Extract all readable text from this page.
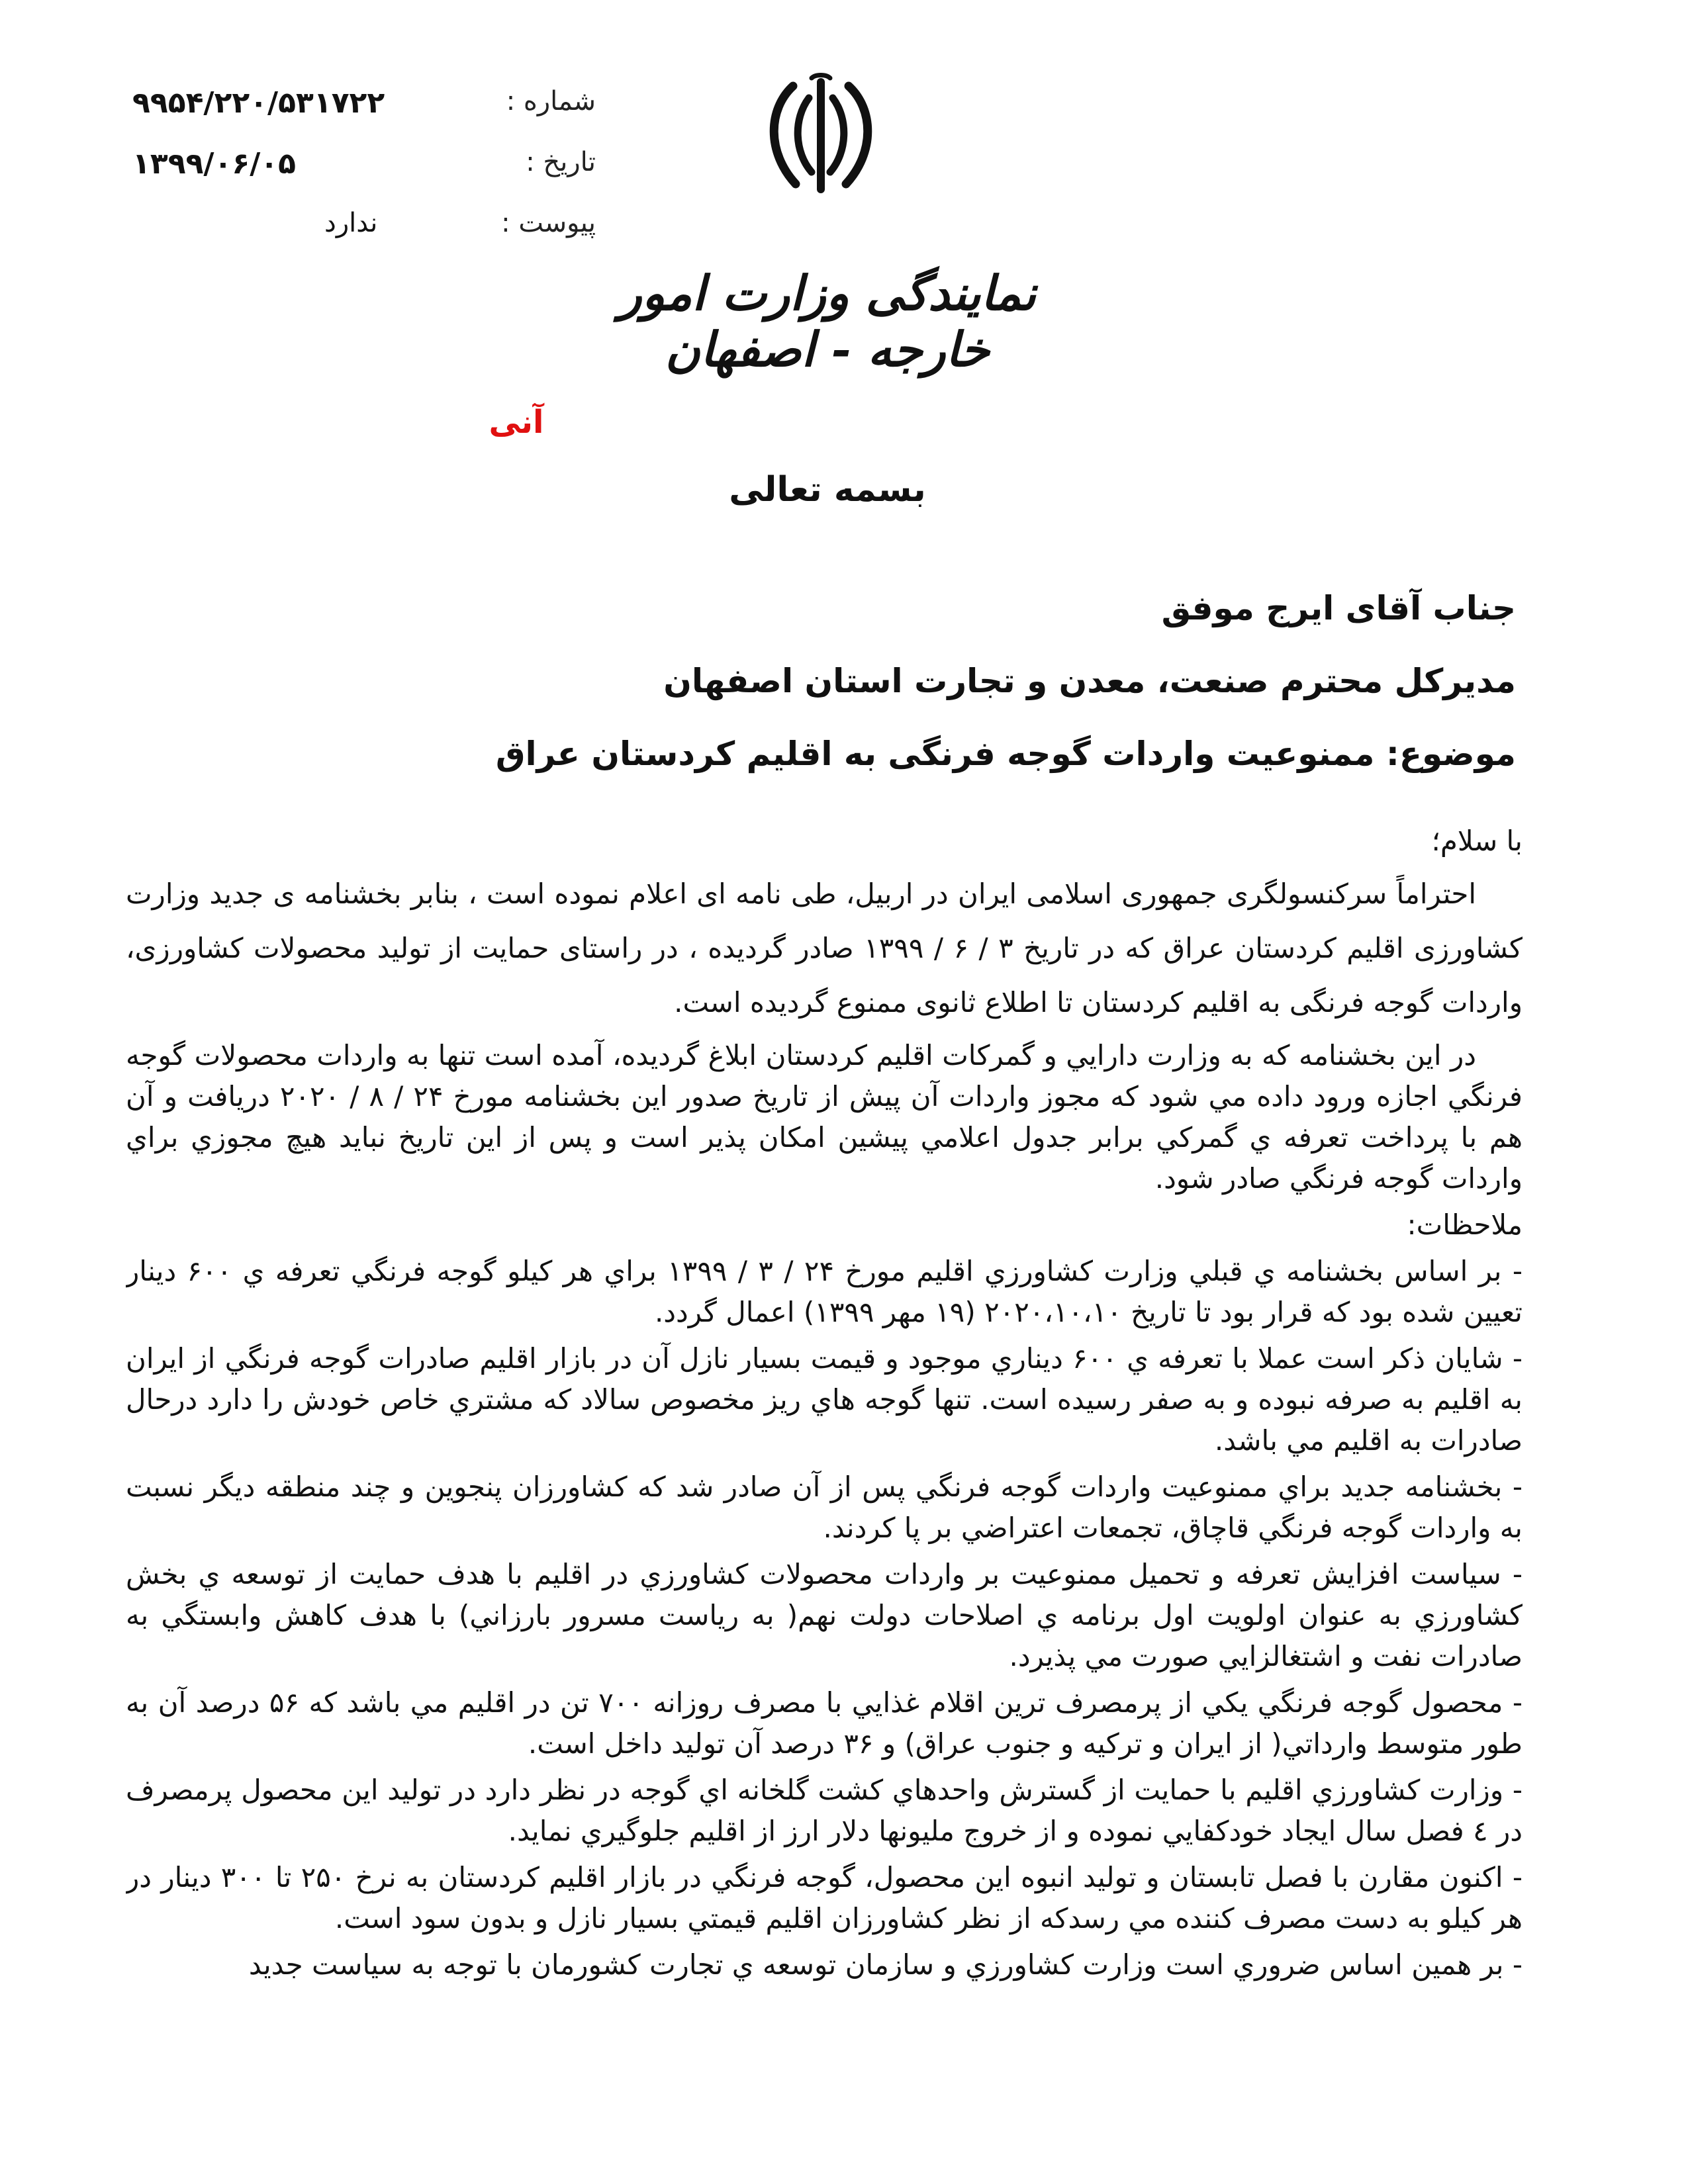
شماره :
۹۹۵۴/۲۲۰/۵۳۱۷۲۲
تاریخ :
۱۳۹۹/۰۶/۰۵
پیوست :
ندارد
نمایندگی وزارت امور خارجه - اصفهان
آنی
بسمه تعالی
جناب آقای ایرج موفق
مدیرکل محترم صنعت، معدن و تجارت استان اصفهان
موضوع: ممنوعیت واردات گوجه فرنگی به اقلیم کردستان عراق

با سلام؛

احتراماً سرکنسولگری جمهوری اسلامی ایران در اربیل، طی نامه ای اعلام نموده است ، بنابر بخشنامه ی جدید وزارت کشاورزی اقلیم کردستان عراق که در تاریخ ۳ / ۶ / ۱۳۹۹ صادر گردیده ، در راستای حمایت از تولید محصولات کشاورزی، واردات گوجه فرنگی به اقلیم کردستان تا اطلاع ثانوی ممنوع گردیده است.

در این بخشنامه که به وزارت دارايي و گمركات اقليم كردستان ابلاغ گرديده، آمده است تنها به واردات محصولات گوجه فرنگي اجازه ورود داده مي شود كه مجوز واردات آن پيش از تاريخ صدور اين بخشنامه مورخ ۲۴ / ۸ / ۲۰۲۰ دريافت و آن هم با پرداخت تعرفه ي گمركي برابر جدول اعلامي پيشين امكان پذير است و پس از اين تاريخ نبايد هيچ مجوزي براي واردات گوجه فرنگي صادر شود.

ملاحظات:

- بر اساس بخشنامه ي قبلي وزارت كشاورزي اقليم مورخ ۲۴ / ۳ / ۱۳۹۹ براي هر كيلو گوجه فرنگي تعرفه ي ۶۰۰ دينار تعيين شده بود كه قرار بود تا تاريخ ۲۰۲۰،۱۰،۱۰ (۱۹ مهر ۱۳۹۹) اعمال گردد.

- شايان ذكر است عملا با تعرفه ي ۶۰۰ ديناري موجود و قيمت بسيار نازل آن در بازار اقليم صادرات گوجه فرنگي از ايران به اقليم به صرفه نبوده و به صفر رسيده است. تنها گوجه هاي ريز مخصوص سالاد كه مشتري خاص خودش را دارد درحال صادرات به اقليم مي باشد.

- بخشنامه جديد براي ممنوعيت واردات گوجه فرنگي پس از آن صادر شد كه كشاورزان پنجوين و چند منطقه ديگر نسبت به واردات گوجه فرنگي قاچاق، تجمعات اعتراضي بر پا كردند.

- سياست افزايش تعرفه و تحميل ممنوعيت بر واردات محصولات كشاورزي در اقليم با هدف حمايت از توسعه ي بخش كشاورزي به عنوان اولويت اول برنامه ي اصلاحات دولت نهم( به رياست مسرور بارزاني) با هدف كاهش وابستگي به صادرات نفت و اشتغالزايي صورت مي پذيرد.

- محصول گوجه فرنگي يكي از پرمصرف ترين اقلام غذايي با مصرف روزانه ۷۰۰ تن در اقليم مي باشد كه ۵۶ درصد آن به طور متوسط وارداتي( از ايران و تركيه و جنوب عراق) و ۳۶ درصد آن توليد داخل است.

- وزارت كشاورزي اقليم با حمايت از گسترش واحدهاي كشت گلخانه اي گوجه در نظر دارد در توليد اين محصول پرمصرف در ٤ فصل سال ايجاد خودكفايي نموده و از خروج مليونها دلار ارز از اقليم جلوگيري نمايد.

- اكنون مقارن با فصل تابستان و توليد انبوه اين محصول، گوجه فرنگي در بازار اقليم كردستان به نرخ ۲۵۰ تا ۳۰۰ دينار در هر كيلو به دست مصرف كننده مي رسدكه از نظر كشاورزان اقليم قيمتي بسيار نازل و بدون سود است.

- بر همين اساس ضروري است وزارت كشاورزي و سازمان توسعه ي تجارت كشورمان با توجه به سياست جديد
